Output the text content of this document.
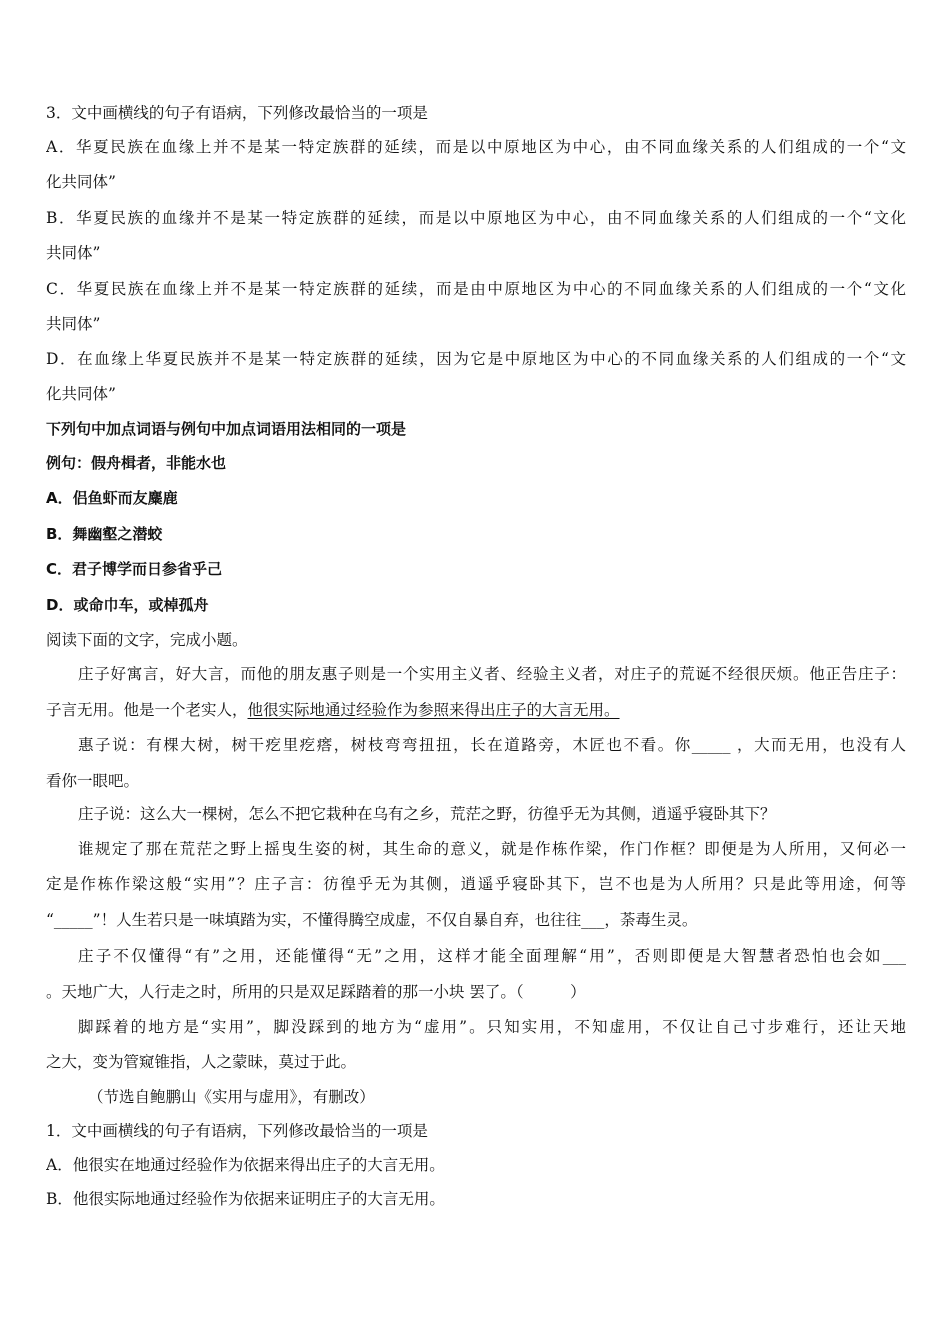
3．文中画横线的句子有语病，下列修改最恰当的一项是
A．华夏民族在血缘上并不是某一特定族群的延续，而是以中原地区为中心，由不同血缘关系的人们组成的一个“文
化共同体”
B．华夏民族的血缘并不是某一特定族群的延续，而是以中原地区为中心，由不同血缘关系的人们组成的一个“文化
共同体”
C．华夏民族在血缘上并不是某一特定族群的延续，而是由中原地区为中心的不同血缘关系的人们组成的一个“文化
共同体”
D．在血缘上华夏民族并不是某一特定族群的延续，因为它是中原地区为中心的不同血缘关系的人们组成的一个“文
化共同体”
下列句中加点词语与例句中加点词语用法相同的一项是
例句：假舟楫者，非能水也
A．侣鱼虾而友麋鹿
B．舞幽壑之潜蛟
C．君子博学而日参省乎己
D．或命巾车，或棹孤舟
阅读下面的文字，完成小题。
庄子好寓言，好大言，而他的朋友惠子则是一个实用主义者、经验主义者，对庄子的荒诞不经很厌烦。他正告庄子：
子言无用。他是一个老实人，他很实际地通过经验作为参照来得出庄子的大言无用。
惠子说：有棵大树，树干疙里疙瘩，树枝弯弯扭扭，长在道路旁，木匠也不看。你_____ ，大而无用，也没有人
看你一眼吧。
庄子说：这么大一棵树，怎么不把它栽种在乌有之乡，荒茫之野，彷徨乎无为其侧，逍遥乎寝卧其下？
谁规定了那在荒茫之野上摇曳生姿的树，其生命的意义，就是作栋作梁，作门作框？即便是为人所用，又何必一
定是作栋作梁这般“实用”？庄子言：彷徨乎无为其侧，逍遥乎寝卧其下，岂不也是为人所用？只是此等用途，何等
“_____”！人生若只是一味填踏为实，不懂得腾空成虚，不仅自暴自弃，也往往___，荼毒生灵。
庄子不仅懂得“有”之用，还能懂得“无”之用，这样才能全面理解“用”，否则即便是大智慧者恐怕也会如___
。天地广大，人行走之时，所用的只是双足踩踏着的那一小块 罢了。（　　　）
脚踩着的地方是“实用”，脚没踩到的地方为“虚用”。只知实用，不知虚用，不仅让自己寸步难行，还让天地
之大，变为管窥锥指，人之蒙昧，莫过于此。
（节选自鲍鹏山《实用与虚用》，有删改）
1．文中画横线的句子有语病，下列修改最恰当的一项是
A．他很实在地通过经验作为依据来得出庄子的大言无用。
B．他很实际地通过经验作为依据来证明庄子的大言无用。
